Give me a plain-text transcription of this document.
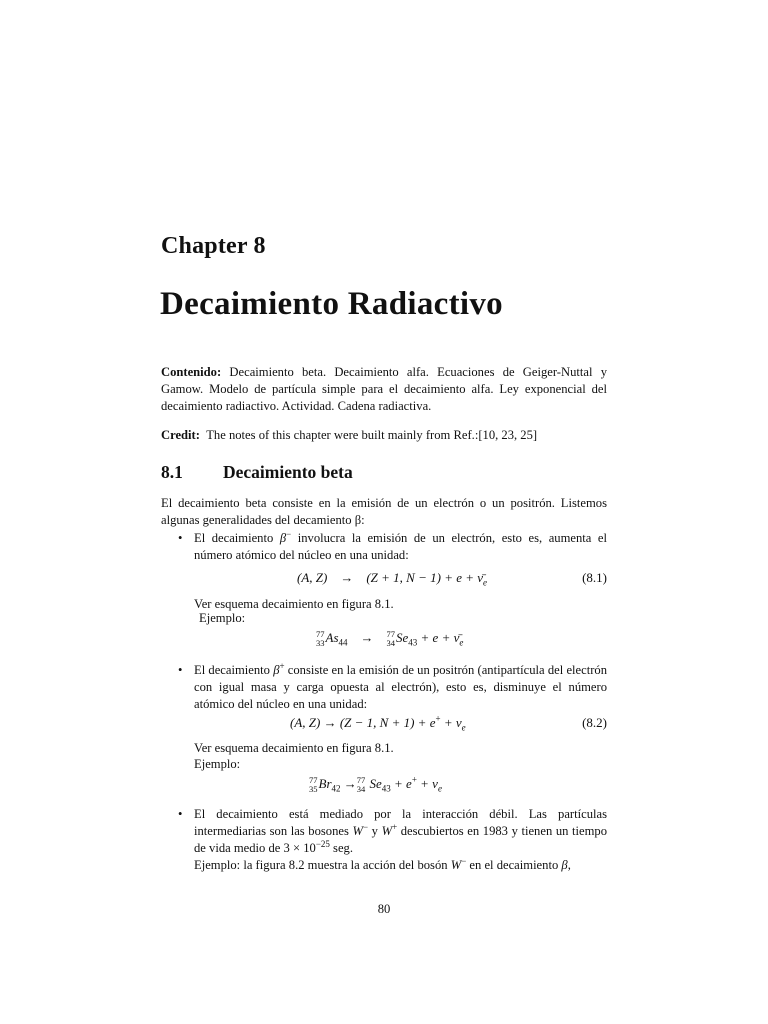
Chapter 8
Decaimiento Radiactivo
Contenido: Decaimiento beta. Decaimiento alfa. Ecuaciones de Geiger-Nuttal y Gamow. Modelo de partícula simple para el decaimiento alfa. Ley exponencial del decaimiento radiactivo. Actividad. Cadena radiactiva.
Credit: The notes of this chapter were built mainly from Ref.:[10, 23, 25]
8.1 Decaimiento beta
El decaimiento beta consiste en la emisión de un electrón o un positrón. Listemos algunas generalidades del decamiento β:
• El decaimiento β− involucra la emisión de un electrón, esto es, aumenta el número atómico del núcleo en una unidad:
(A, Z) → (Z + 1, $N - 1) + e + \nū_e$	(8.1)
Ver esquema decaimiento en figura 8.1.
Ejemplo:
77
33 $As_{44} \to 77$
34 $Se_{43} + e$ + $\nū_e$
• El decaimiento β+ consiste en la emisión de un positrón (antipartícula del electrón con igual masa y carga opuesta al electrón), esto es, disminuye el número atómico del núcleo en una unidad:
(A, Z) → (Z − 1, $N + 1) + e^+ + \nu_e$	(8.2)
Ver esquema decaimiento en figura 8.1.
Ejemplo:
77
35 $Br_{42} \to 77$
34 $Se_{43} + e^+ + \nu_e$
• El decaimiento está mediado por la interacción débil. Las partículas intermediarias son las bosones W− y W+ descubiertos en 1983 y tienen un tiempo de vida medio de $3 \times 10^{-25}$ seg.
Ejemplo: la figura 8.2 muestra la acción del bosón W− en el decaimiento β,
80
